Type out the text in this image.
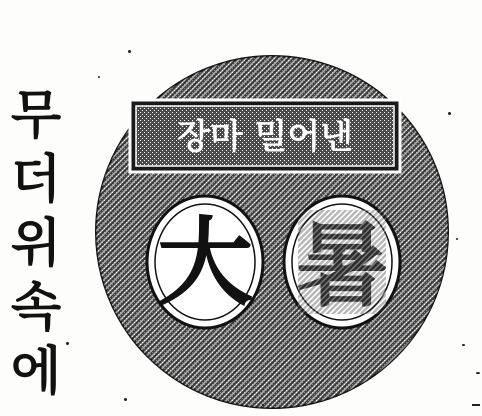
무
더
위
속
에
장마 밀어낸
大 暑
